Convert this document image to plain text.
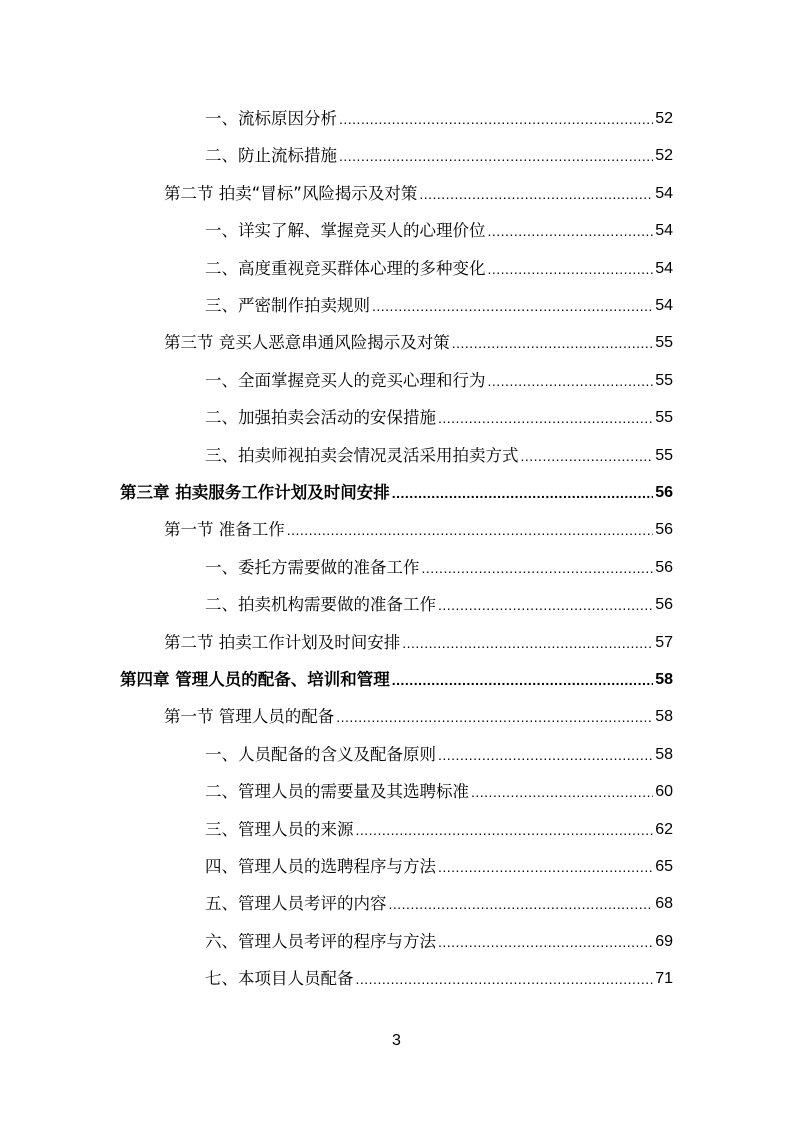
一、流标原因分析 .....	52
二、防止流标措施 .....	52
第二节 拍卖“冒标”风险揭示及对策 .....	54
一、详实了解、掌握竞买人的心理价位 .....	54
二、高度重视竞买群体心理的多种变化 .....	54
三、严密制作拍卖规则 .....	54
第三节 竞买人恶意串通风险揭示及对策 .....	55
一、全面掌握竞买人的竞买心理和行为 .....	55
二、加强拍卖会活动的安保措施 .....	55
三、拍卖师视拍卖会情况灵活采用拍卖方式 .....	55
第三章 拍卖服务工作计划及时间安排 .....	56
第一节 准备工作 .....	56
一、委托方需要做的准备工作 .....	56
二、拍卖机构需要做的准备工作 .....	56
第二节 拍卖工作计划及时间安排 .....	57
第四章 管理人员的配备、培训和管理 .....	58
第一节 管理人员的配备 .....	58
一、人员配备的含义及配备原则 .....	58
二、管理人员的需要量及其选聘标准 .....	60
三、管理人员的来源 .....	62
四、管理人员的选聘程序与方法 .....	65
五、管理人员考评的内容 .....	68
六、管理人员考评的程序与方法 .....	69
七、本项目人员配备 .....	71
3
